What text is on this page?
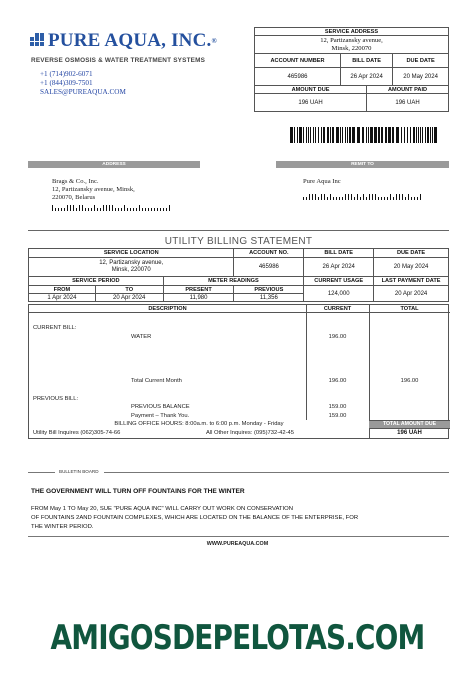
PURE AQUA, INC. ®
REVERSE OSMOSIS & WATER TREATMENT SYSTEMS
+1 (714)902-6071
+1 (844)309-7501
SALES@PUREAQUA.COM
SERVICE ADDRESS			

12, Partizansky avenue,
Minsk, 220070			

ACCOUNT NUMBER	BILL DATE		DUE DATE
465986	26 Apr 2024		20 May 2024
AMOUNT DUE		AMOUNT PAID	
196 UAH		196 UAH	
ADDRESS	REMIT TO
Brags & Co., Inc.
12, Partizansky avenue, Minsk,
220070, Belarus
Pure Aqua Inc
UTILITY BILLING STATEMENT
SERVICE LOCATION			ACCOUNT NO.	BILL DATE	DUE DATE

12, Partizansky avenue,
Minsk, 220070			465986	26 Apr 2024	20 May 2024
SERVICE PERIOD		METER READINGS		CURRENT USAGE	LAST PAYMENT DATE
FROM	TO	PRESENT	PREVIOUS	124,000	20 Apr 2024
1 Apr 2024	20 Apr 2024	11,980	11,356		
DESCRIPTION	CURRENT	TOTAL
CURRENT BILL:
WATER	196.00
Total Current Month	196.00	196.00
PREVIOUS BILL:
PREVIOUS BALANCE	159.00
Payment – Thank You.	159.00
BILLING OFFICE HOURS: 8:00a.m. to 6:00 p.m. Monday - Friday	TOTAL AMOUNT DUE
Utility Bill Inquires (062)305-74-66	All Other Inquires: (095)732-42-45	196 UAH
BULLETIN BOARD
THE GOVERNMENT WILL TURN OFF FOUNTAINS FOR THE WINTER
FROM May 1 TO May 20, SUE "PURE AQUA INC" WILL CARRY OUT WORK ON CONSERVATION
OF FOUNTAINS 2AND FOUNTAIN COMPLEXES, WHICH ARE LOCATED ON THE BALANCE OF THE ENTERPRISE, FOR
THE WINTER PERIOD.
WWW.PUREAQUA.COM
AMIGOSDEPELOTAS.COM
